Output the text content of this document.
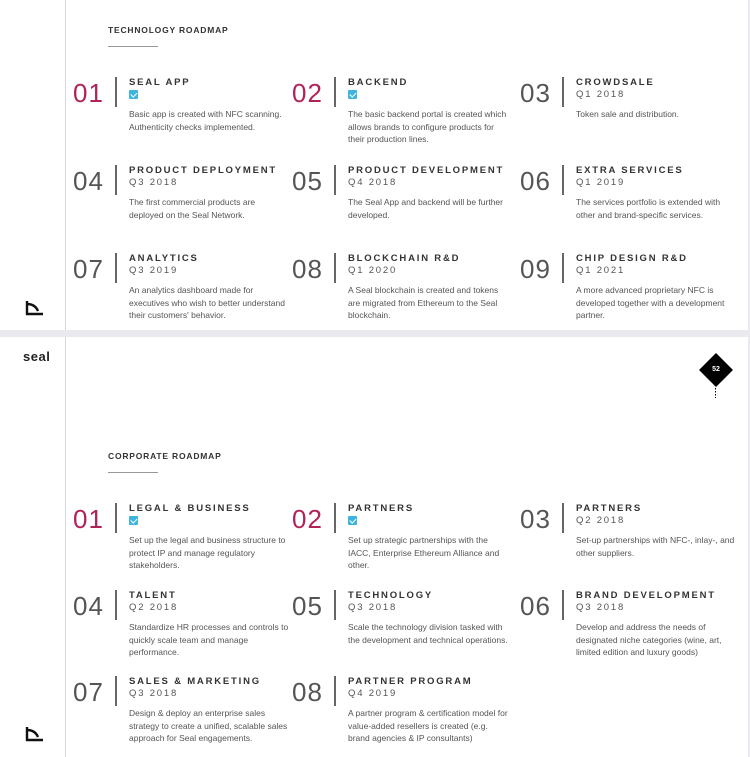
TECHNOLOGY ROADMAP
01	SEAL APP
Basic app is created with NFC scanning. Authenticity checks implemented.
02	BACKEND
The basic backend portal is created which allows brands to configure products for their production lines.
03	CROWDSALE
Q1 2018
Token sale and distribution.
04	PRODUCT DEPLOYMENT
Q3 2018
The first commercial products are deployed on the Seal Network.
05	PRODUCT DEVELOPMENT
Q4 2018
The Seal App and backend will be further developed.
06	EXTRA SERVICES
Q1 2019
The services portfolio is extended with other and brand-specific services.
07	ANALYTICS
Q3 2019
An analytics dashboard made for executives who wish to better understand their customers' behavior.
08	BLOCKCHAIN R&D
Q1 2020
A Seal blockchain is created and tokens are migrated from Ethereum to the Seal blockchain.
09	CHIP DESIGN R&D
Q1 2021
A more advanced proprietary NFC is developed together with a development partner.
seal
CORPORATE ROADMAP
01	LEGAL & BUSINESS
Set up the legal and business structure to protect IP and manage regulatory stakeholders.
02	PARTNERS
Set up strategic partnerships with the IACC, Enterprise Ethereum Alliance and other.
03	PARTNERS
Q2 2018
Set-up partnerships with NFC-, inlay-, and other suppliers.
04	TALENT
Q2 2018
Standardize HR processes and controls to quickly scale team and manage performance.
05	TECHNOLOGY
Q3 2018
Scale the technology division tasked with the development and technical operations.
06	BRAND DEVELOPMENT
Q3 2018
Develop and address the needs of designated niche categories (wine, art, limited edition and luxury goods)
07	SALES & MARKETING
Q3 2018
Design & deploy an enterprise sales strategy to create a unified, scalable sales approach for Seal engagements.
08	PARTNER PROGRAM
Q4 2019
A partner program & certification model for value-added resellers is created (e.g. brand agencies & IP consultants)
52
